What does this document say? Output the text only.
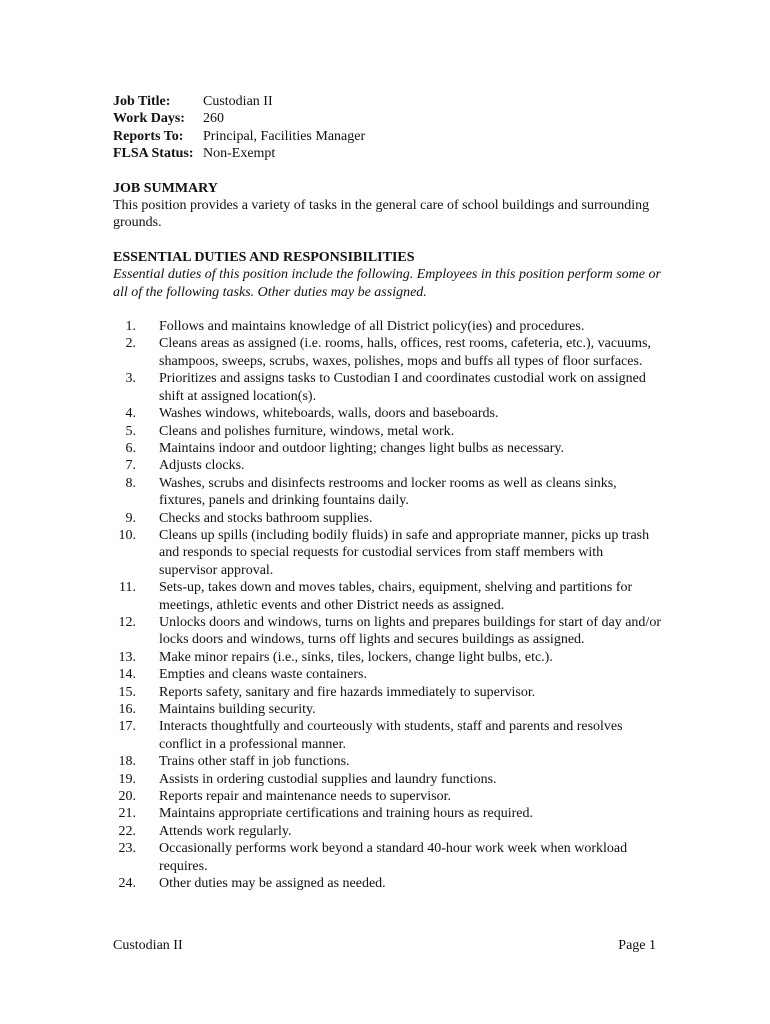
Job Title:	Custodian II
Work Days:	260
Reports To:	Principal, Facilities Manager
FLSA Status: Non-Exempt
JOB SUMMARY
This position provides a variety of tasks in the general care of school buildings and surrounding grounds.
ESSENTIAL DUTIES AND RESPONSIBILITIES
Essential duties of this position include the following. Employees in this position perform some or all of the following tasks. Other duties may be assigned.
1. Follows and maintains knowledge of all District policy(ies) and procedures.
2. Cleans areas as assigned (i.e. rooms, halls, offices, rest rooms, cafeteria, etc.), vacuums, shampoos, sweeps, scrubs, waxes, polishes, mops and buffs all types of floor surfaces.
3. Prioritizes and assigns tasks to Custodian I and coordinates custodial work on assigned shift at assigned location(s).
4. Washes windows, whiteboards, walls, doors and baseboards.
5. Cleans and polishes furniture, windows, metal work.
6. Maintains indoor and outdoor lighting; changes light bulbs as necessary.
7. Adjusts clocks.
8. Washes, scrubs and disinfects restrooms and locker rooms as well as cleans sinks, fixtures, panels and drinking fountains daily.
9. Checks and stocks bathroom supplies.
10. Cleans up spills (including bodily fluids) in safe and appropriate manner, picks up trash and responds to special requests for custodial services from staff members with supervisor approval.
11. Sets-up, takes down and moves tables, chairs, equipment, shelving and partitions for meetings, athletic events and other District needs as assigned.
12. Unlocks doors and windows, turns on lights and prepares buildings for start of day and/or locks doors and windows, turns off lights and secures buildings as assigned.
13. Make minor repairs (i.e., sinks, tiles, lockers, change light bulbs, etc.).
14. Empties and cleans waste containers.
15. Reports safety, sanitary and fire hazards immediately to supervisor.
16. Maintains building security.
17. Interacts thoughtfully and courteously with students, staff and parents and resolves conflict in a professional manner.
18. Trains other staff in job functions.
19. Assists in ordering custodial supplies and laundry functions.
20. Reports repair and maintenance needs to supervisor.
21. Maintains appropriate certifications and training hours as required.
22. Attends work regularly.
23. Occasionally performs work beyond a standard 40-hour work week when workload requires.
24. Other duties may be assigned as needed.
Custodian II	Page 1
